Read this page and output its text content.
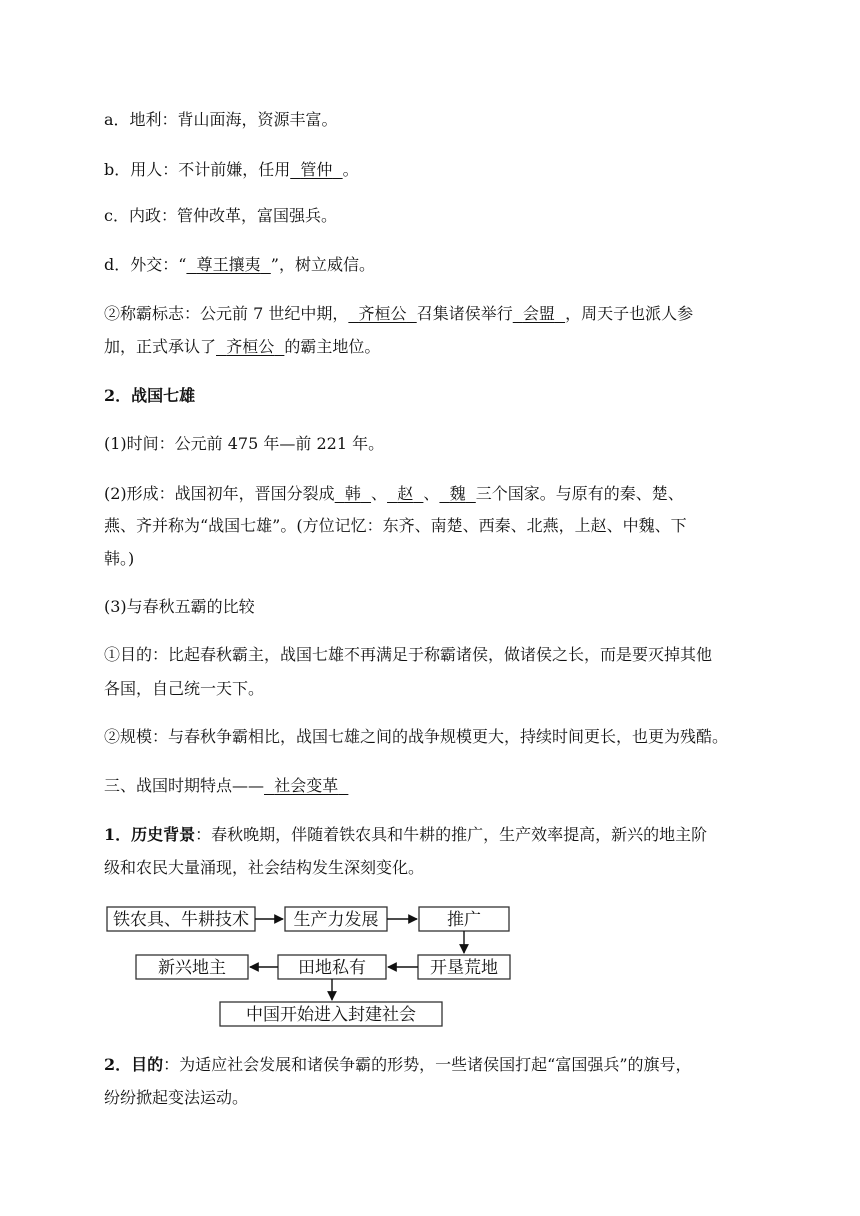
a．地利：背山面海，资源丰富。
b．用人：不计前嫌，任用 管仲 。
c．内政：管仲改革，富国强兵。
d．外交：“ 尊王攘夷 ”，树立威信。
②称霸标志：公元前 7 世纪中期， 齐桓公 召集诸侯举行 会盟 ，周天子也派人参
加，正式承认了 齐桓公 的霸主地位。
2．战国七雄
(1)时间：公元前 475 年—前 221 年。
(2)形成：战国初年，晋国分裂成 韩 、 赵 、 魏 三个国家。与原有的秦、楚、
燕、齐并称为“战国七雄”。(方位记忆：东齐、南楚、西秦、北燕，上赵、中魏、下
韩。)
(3)与春秋五霸的比较
①目的：比起春秋霸主，战国七雄不再满足于称霸诸侯，做诸侯之长，而是要灭掉其他
各国，自己统一天下。
②规模：与春秋争霸相比，战国七雄之间的战争规模更大，持续时间更长，也更为残酷。
三、战国时期特点—— 社会变革
1．历史背景：春秋晚期，伴随着铁农具和牛耕的推广，生产效率提高，新兴的地主阶
级和农民大量涌现，社会结构发生深刻变化。
铁农具、牛耕技术	生产力发展	推广
新兴地主	田地私有	开垦荒地
中国开始进入封建社会
2．目的：为适应社会发展和诸侯争霸的形势，一些诸侯国打起“富国强兵”的旗号，
纷纷掀起变法运动。
